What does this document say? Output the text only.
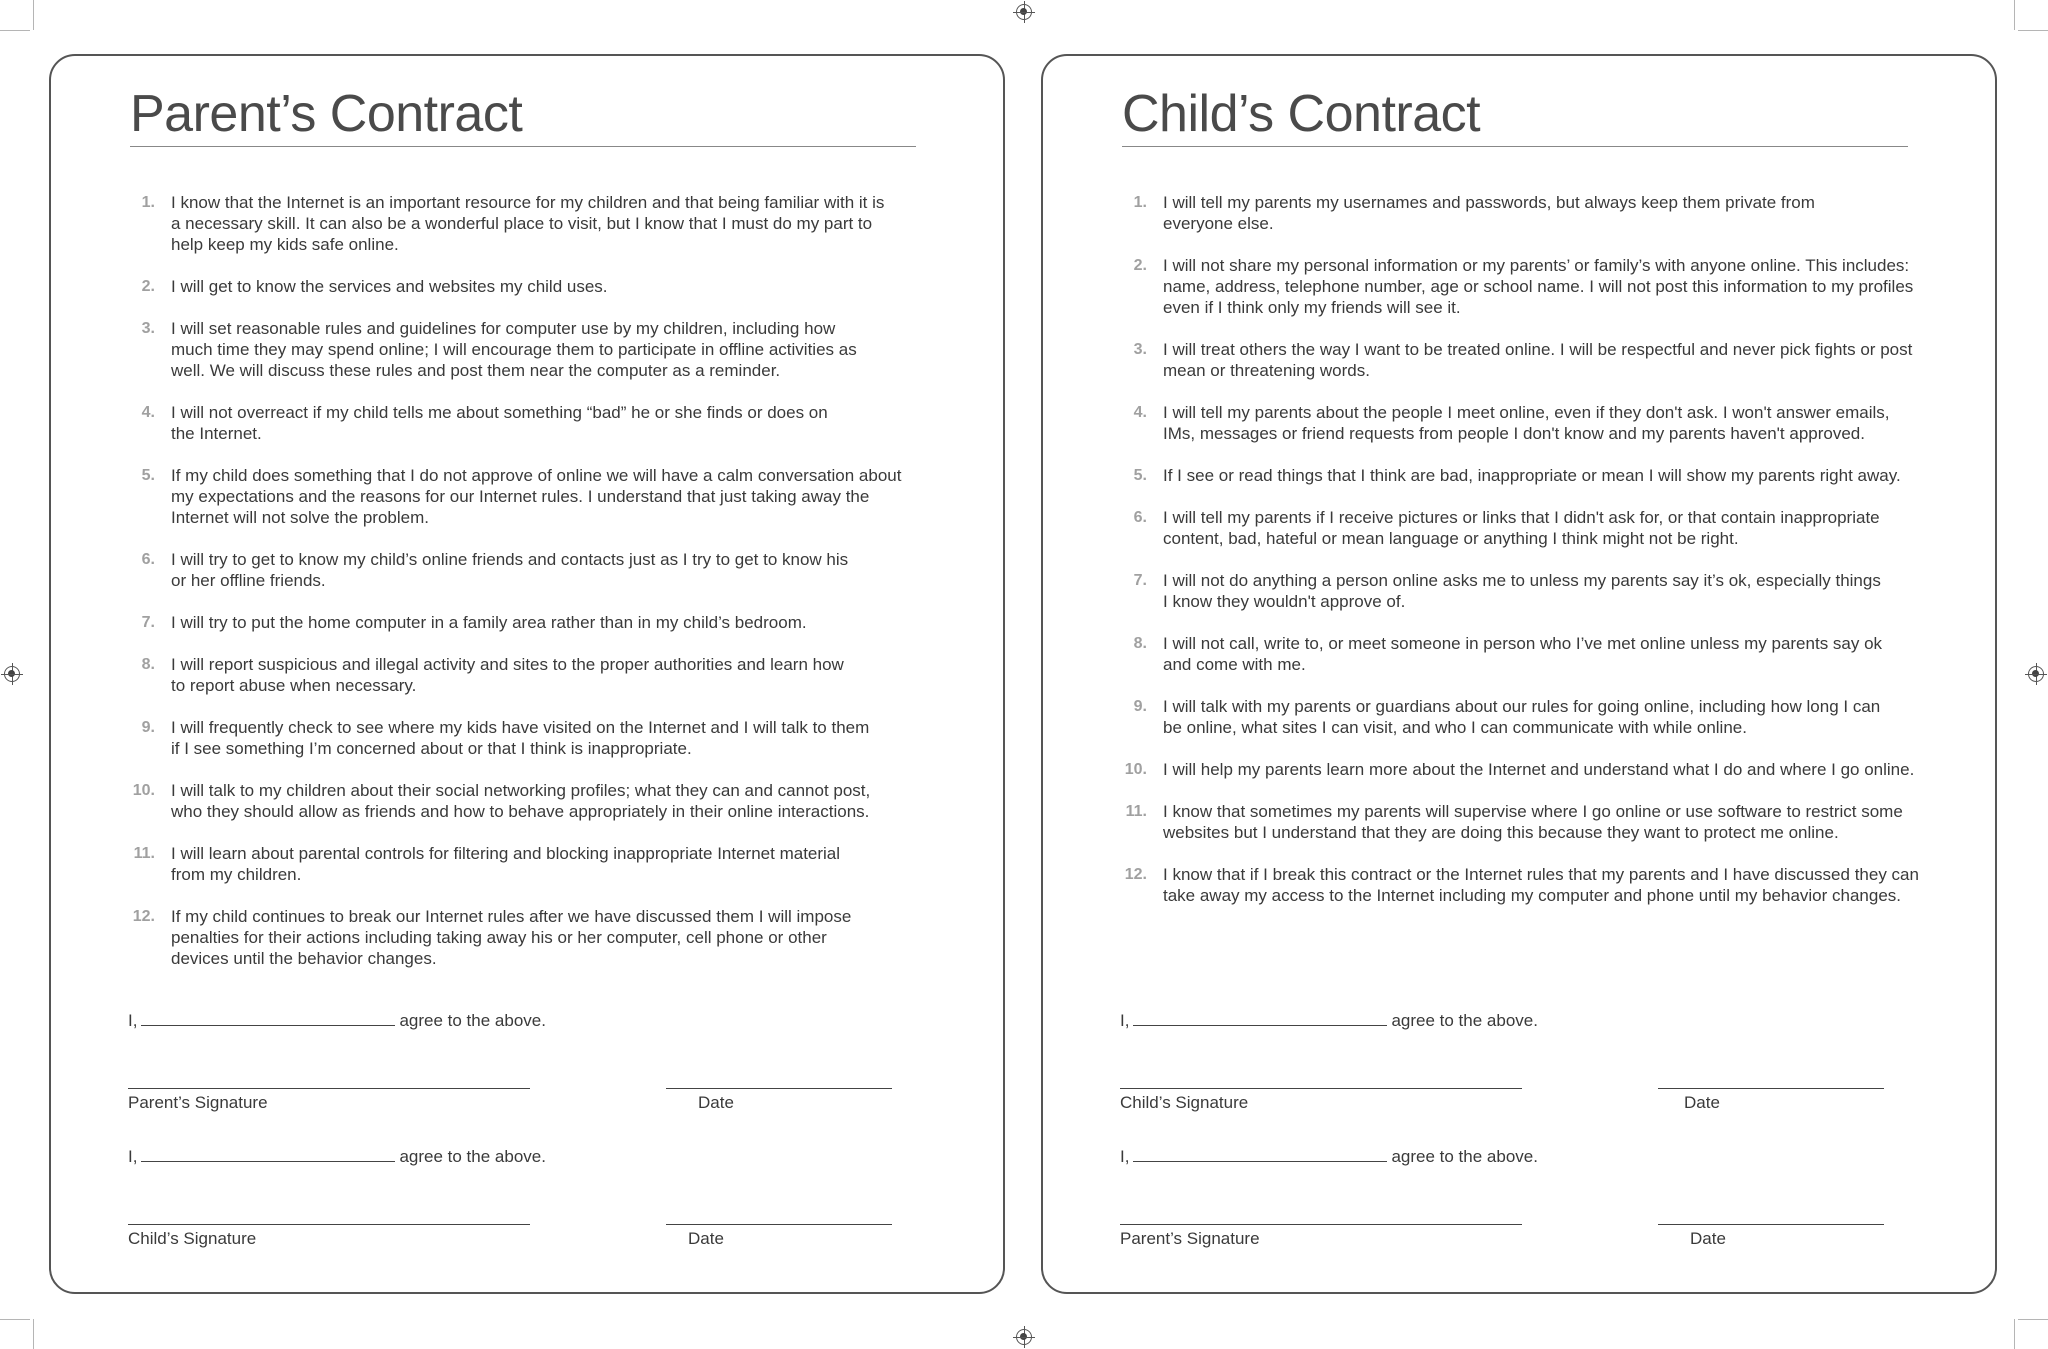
Parent’s Contract
1. I know that the Internet is an important resource for my children and that being familiar with it is
a necessary skill. It can also be a wonderful place to visit, but I know that I must do my part to
help keep my kids safe online.
2. I will get to know the services and websites my child uses.
3. I will set reasonable rules and guidelines for computer use by my children, including how
much time they may spend online; I will encourage them to participate in offline activities as
well. We will discuss these rules and post them near the computer as a reminder.
4. I will not overreact if my child tells me about something “bad” he or she finds or does on
the Internet.
5. If my child does something that I do not approve of online we will have a calm conversation about
my expectations and the reasons for our Internet rules. I understand that just taking away the
Internet will not solve the problem.
6. I will try to get to know my child’s online friends and contacts just as I try to get to know his
or her offline friends.
7. I will try to put the home computer in a family area rather than in my child’s bedroom.
8. I will report suspicious and illegal activity and sites to the proper authorities and learn how
to report abuse when necessary.
9. I will frequently check to see where my kids have visited on the Internet and I will talk to them
if I see something I’m concerned about or that I think is inappropriate.
10. I will talk to my children about their social networking profiles; what they can and cannot post,
who they should allow as friends and how to behave appropriately in their online interactions.
11. I will learn about parental controls for filtering and blocking inappropriate Internet material
from my children.
12. If my child continues to break our Internet rules after we have discussed them I will impose
penalties for their actions including taking away his or her computer, cell phone or other
devices until the behavior changes.
I,	agree to the above.
Parent’s Signature	Date
I,	agree to the above.
Child’s Signature	Date
Child’s Contract
1. I will tell my parents my usernames and passwords, but always keep them private from
everyone else.
2. I will not share my personal information or my parents’ or family’s with anyone online. This includes:
name, address, telephone number, age or school name. I will not post this information to my profiles
even if I think only my friends will see it.
3. I will treat others the way I want to be treated online. I will be respectful and never pick fights or post
mean or threatening words.
4. I will tell my parents about the people I meet online, even if they don't ask. I won't answer emails,
IMs, messages or friend requests from people I don't know and my parents haven't approved.
5. If I see or read things that I think are bad, inappropriate or mean I will show my parents right away.
6. I will tell my parents if I receive pictures or links that I didn't ask for, or that contain inappropriate
content, bad, hateful or mean language or anything I think might not be right.
7. I will not do anything a person online asks me to unless my parents say it’s ok, especially things
I know they wouldn't approve of.
8. I will not call, write to, or meet someone in person who I’ve met online unless my parents say ok
and come with me.
9. I will talk with my parents or guardians about our rules for going online, including how long I can
be online, what sites I can visit, and who I can communicate with while online.
10. I will help my parents learn more about the Internet and understand what I do and where I go online.
11. I know that sometimes my parents will supervise where I go online or use software to restrict some
websites but I understand that they are doing this because they want to protect me online.
12. I know that if I break this contract or the Internet rules that my parents and I have discussed they can
take away my access to the Internet including my computer and phone until my behavior changes.
I,	agree to the above.
Child’s Signature	Date
I,	agree to the above.
Parent’s Signature	Date
